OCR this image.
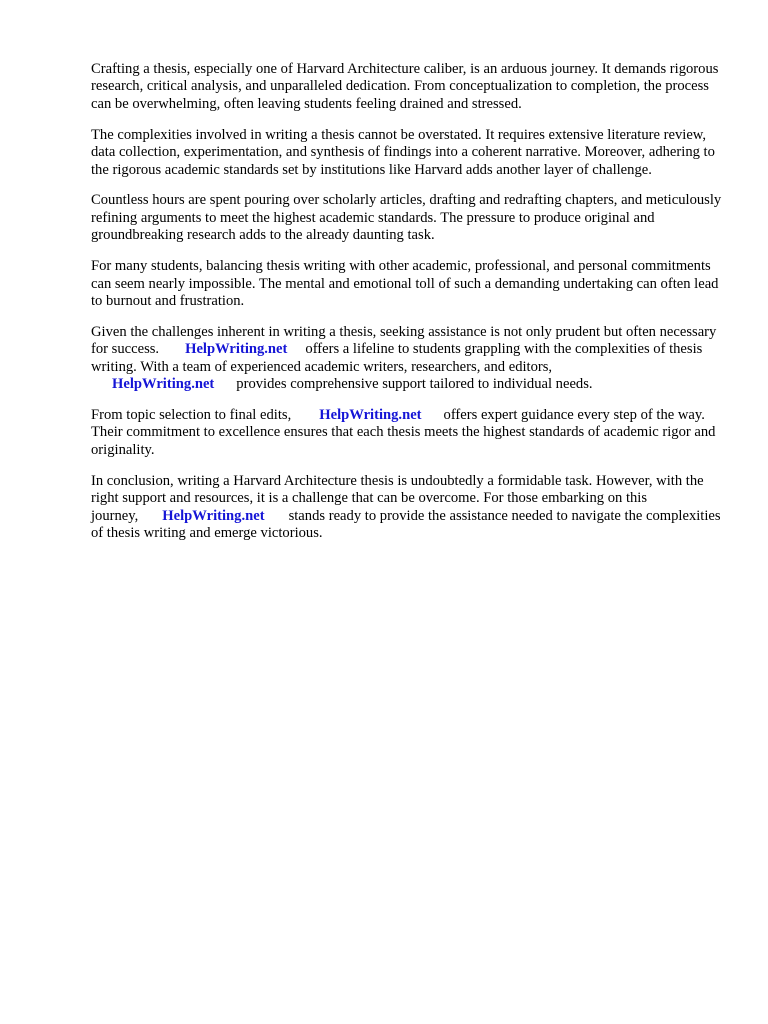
Crafting a thesis, especially one of Harvard Architecture caliber, is an arduous journey. It demands rigorous research, critical analysis, and unparalleled dedication. From conceptualization to completion, the process can be overwhelming, often leaving students feeling drained and stressed.

The complexities involved in writing a thesis cannot be overstated. It requires extensive literature review, data collection, experimentation, and synthesis of findings into a coherent narrative. Moreover, adhering to the rigorous academic standards set by institutions like Harvard adds another layer of challenge.

Countless hours are spent pouring over scholarly articles, drafting and redrafting chapters, and meticulously refining arguments to meet the highest academic standards. The pressure to produce original and groundbreaking research adds to the already daunting task.

For many students, balancing thesis writing with other academic, professional, and personal commitments can seem nearly impossible. The mental and emotional toll of such a demanding undertaking can often lead to burnout and frustration.

Given the challenges inherent in writing a thesis, seeking assistance is not only prudent but often necessary for success. HelpWriting.net offers a lifeline to students grappling with the complexities of thesis writing. With a team of experienced academic writers, researchers, and editors,
HelpWriting.net provides comprehensive support tailored to individual needs.

From topic selection to final edits, HelpWriting.net offers expert guidance every step of the way. Their commitment to excellence ensures that each thesis meets the highest standards of academic rigor and originality.

In conclusion, writing a Harvard Architecture thesis is undoubtedly a formidable task. However, with the right support and resources, it is a challenge that can be overcome. For those embarking on this journey, HelpWriting.net stands ready to provide the assistance needed to navigate the complexities of thesis writing and emerge victorious.
